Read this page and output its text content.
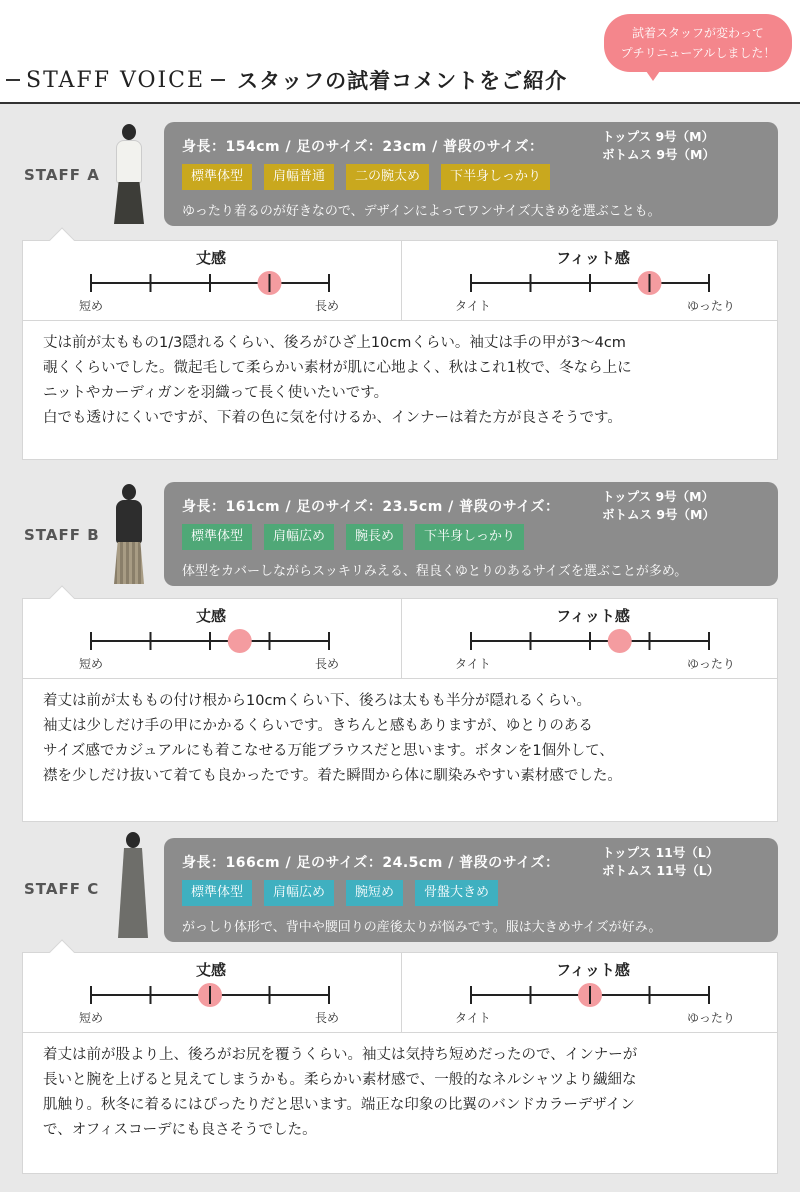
STAFF VOICE スタッフの試着コメントをご紹介
試着スタッフが変わって
プチリニューアルしました！
STAFF A
身長：154cm / 足のサイズ：23cm / 普段のサイズ：
トップス 9号（M）
ボトムス 9号（M）
標準体型	肩幅普通	二の腕太め	下半身しっかり
ゆったり着るのが好きなので、デザインによってワンサイズ大きめを選ぶことも。
丈感	フィット感
短め	長め	タイト	ゆったり
丈は前が太ももの1/3隠れるくらい、後ろがひざ上10cmくらい。袖丈は手の甲が3〜4cm
覗くくらいでした。微起毛して柔らかい素材が肌に心地よく、秋はこれ1枚で、冬なら上に
ニットやカーディガンを羽織って長く使いたいです。
白でも透けにくいですが、下着の色に気を付けるか、インナーは着た方が良さそうです。
STAFF B
身長：161cm / 足のサイズ：23.5cm / 普段のサイズ：
トップス 9号（M）
ボトムス 9号（M）
標準体型	肩幅広め	腕長め	下半身しっかり
体型をカバーしながらスッキリみえる、程良くゆとりのあるサイズを選ぶことが多め。
丈感	フィット感
短め	長め	タイト	ゆったり
着丈は前が太ももの付け根から10cmくらい下、後ろは太もも半分が隠れるくらい。
袖丈は少しだけ手の甲にかかるくらいです。きちんと感もありますが、ゆとりのある
サイズ感でカジュアルにも着こなせる万能ブラウスだと思います。ボタンを1個外して、
襟を少しだけ抜いて着ても良かったです。着た瞬間から体に馴染みやすい素材感でした。
STAFF C
身長：166cm / 足のサイズ：24.5cm / 普段のサイズ：
トップス 11号（L）
ボトムス 11号（L）
標準体型	肩幅広め	腕短め	骨盤大きめ
がっしり体形で、背中や腰回りの産後太りが悩みです。服は大きめサイズが好み。
丈感	フィット感
短め	長め	タイト	ゆったり
着丈は前が股より上、後ろがお尻を覆うくらい。袖丈は気持ち短めだったので、インナーが
長いと腕を上げると見えてしまうかも。柔らかい素材感で、一般的なネルシャツより繊細な
肌触り。秋冬に着るにはぴったりだと思います。端正な印象の比翼のバンドカラーデザイン
で、オフィスコーデにも良さそうでした。
